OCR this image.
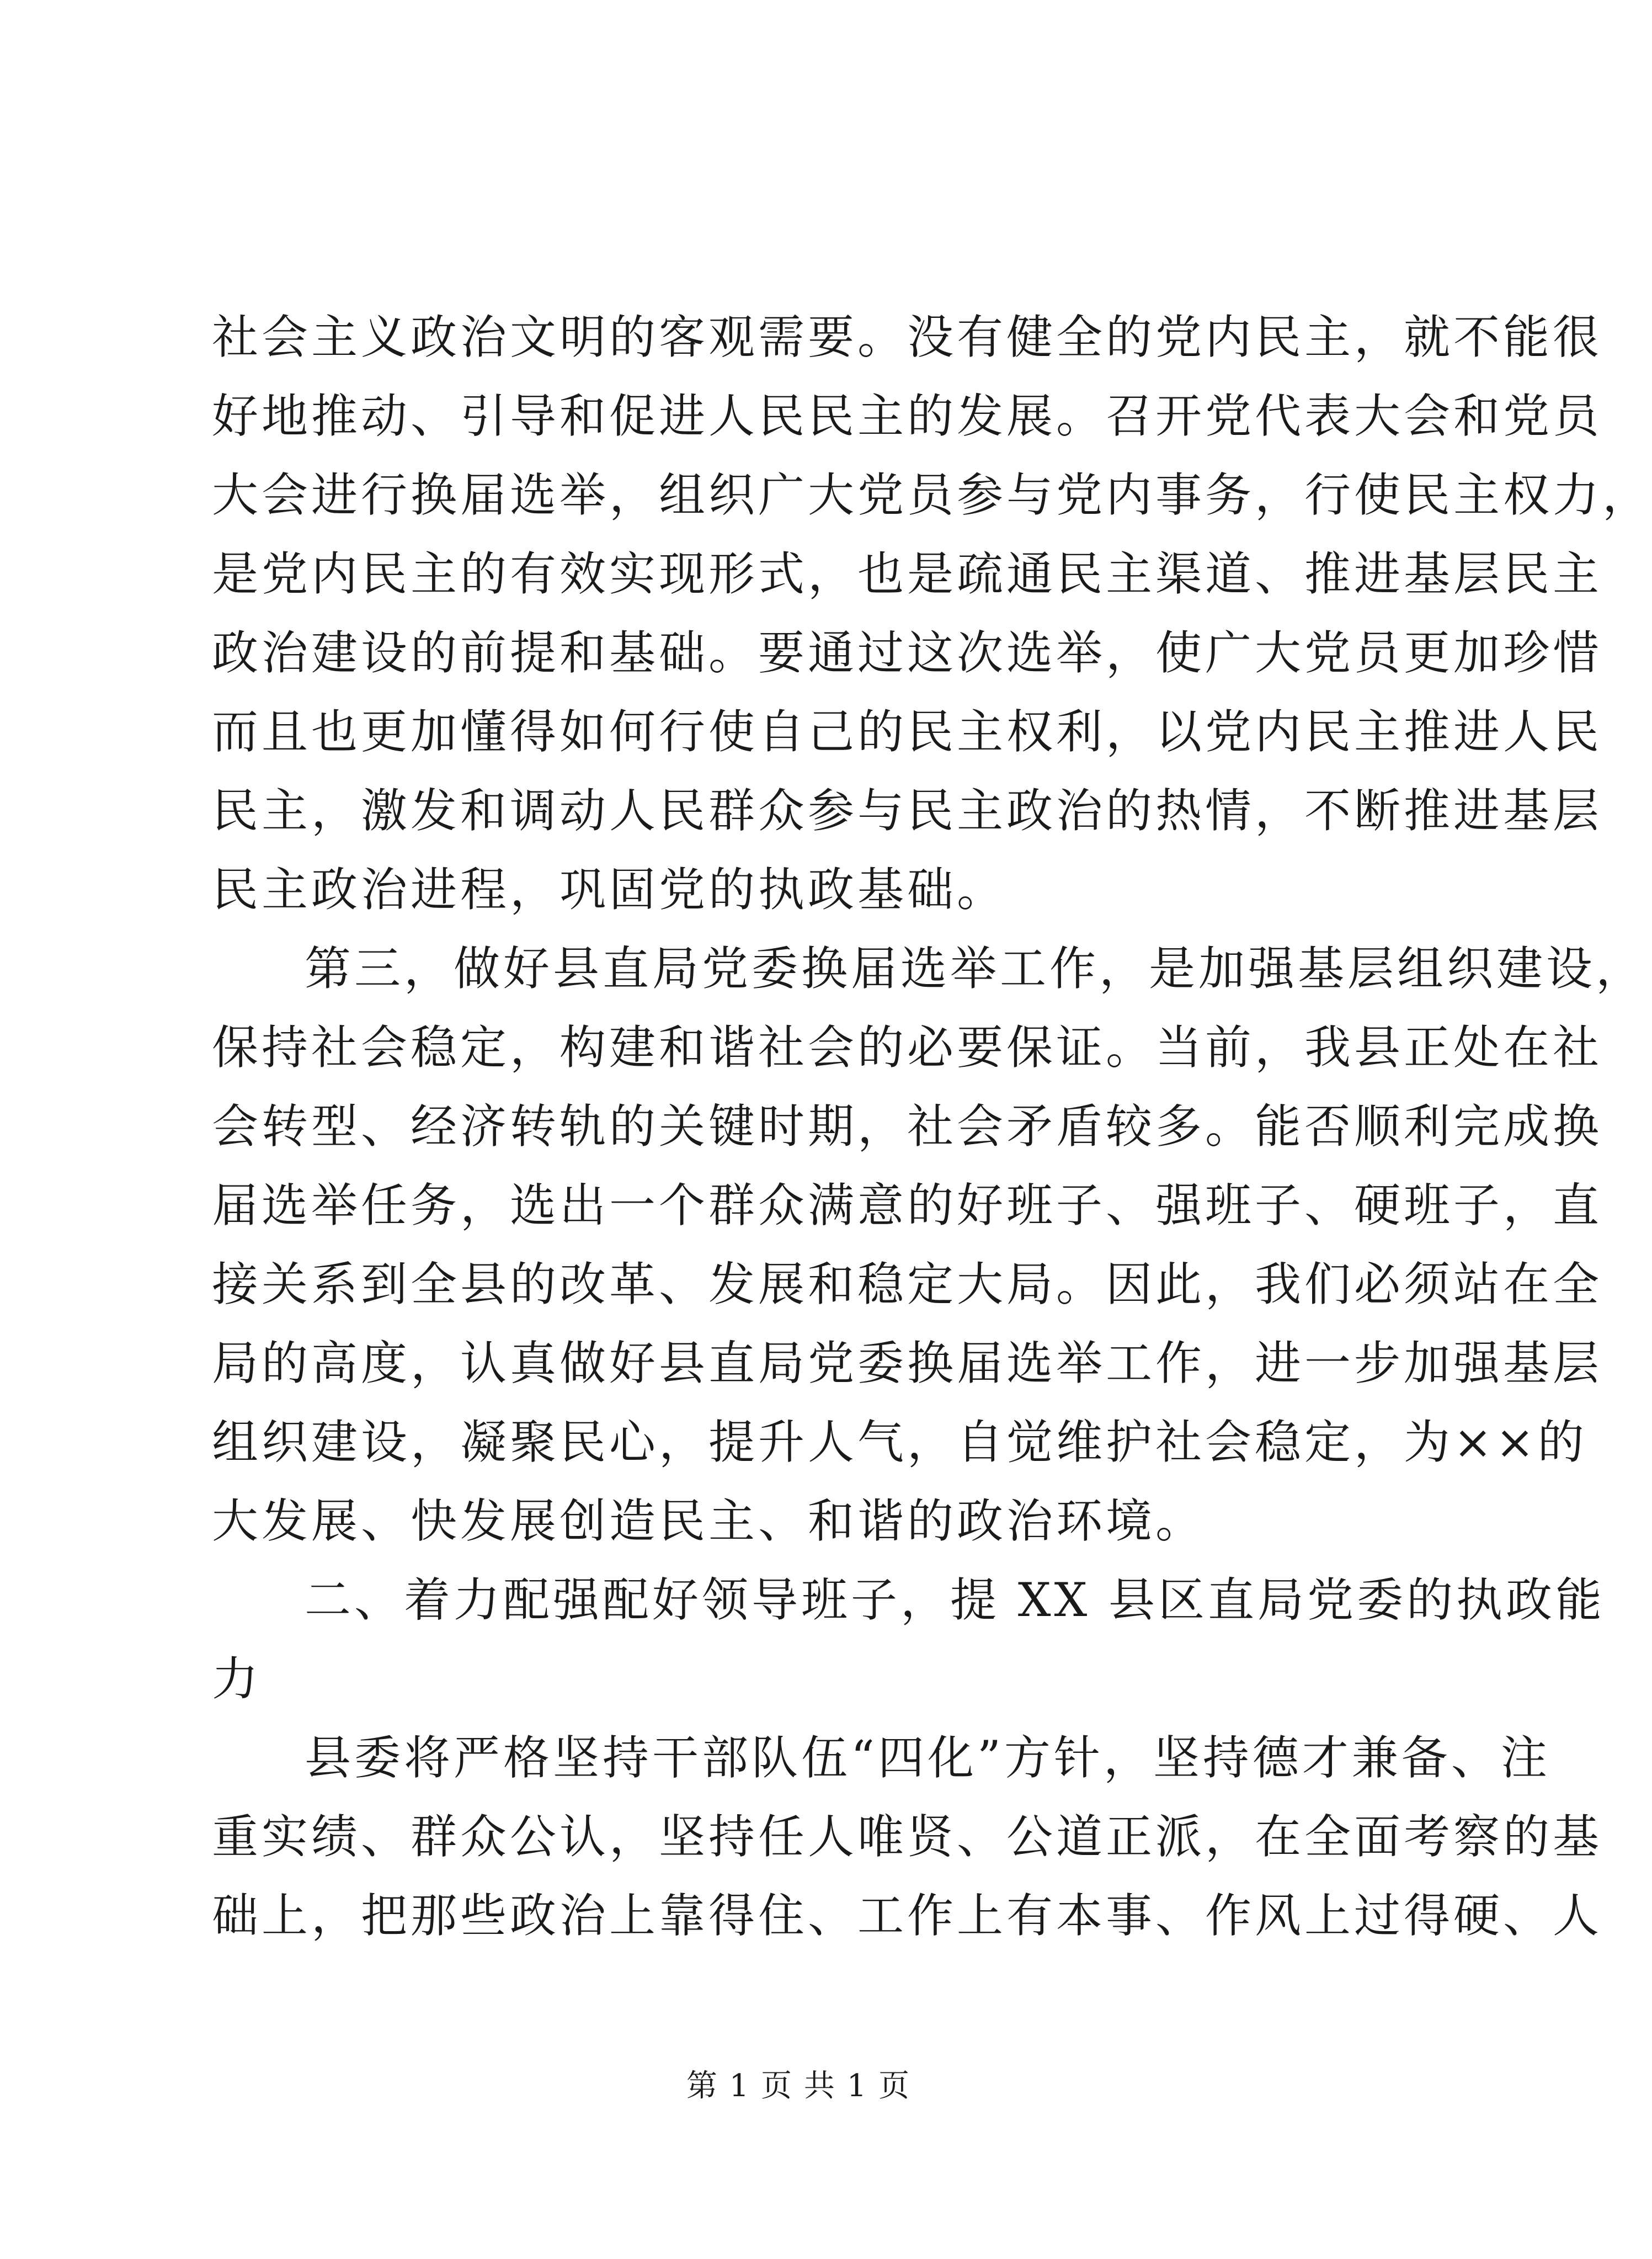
社会主义政治文明的客观需要。没有健全的党内民主，就不能很
好地推动、引导和促进人民民主的发展。召开党代表大会和党员
大会进行换届选举，组织广大党员参与党内事务，行使民主权力，
是党内民主的有效实现形式，也是疏通民主渠道、推进基层民主
政治建设的前提和基础。要通过这次选举，使广大党员更加珍惜
而且也更加懂得如何行使自己的民主权利，以党内民主推进人民
民主，激发和调动人民群众参与民主政治的热情，不断推进基层
民主政治进程，巩固党的执政基础。
第三，做好县直局党委换届选举工作，是加强基层组织建设，
保持社会稳定，构建和谐社会的必要保证。当前，我县正处在社
会转型、经济转轨的关键时期，社会矛盾较多。能否顺利完成换
届选举任务，选出一个群众满意的好班子、强班子、硬班子，直
接关系到全县的改革、发展和稳定大局。因此，我们必须站在全
局的高度，认真做好县直局党委换届选举工作，进一步加强基层
组织建设，凝聚民心，提升人气，自觉维护社会稳定，为××的
大发展、快发展创造民主、和谐的政治环境。
二、着力配强配好领导班子，提 XX 县区直局党委的执政能
力
县委将严格坚持干部队伍“四化”方针，坚持德才兼备、注
重实绩、群众公认，坚持任人唯贤、公道正派，在全面考察的基
础上，把那些政治上靠得住、工作上有本事、作风上过得硬、人
第 1 页 共 1 页
